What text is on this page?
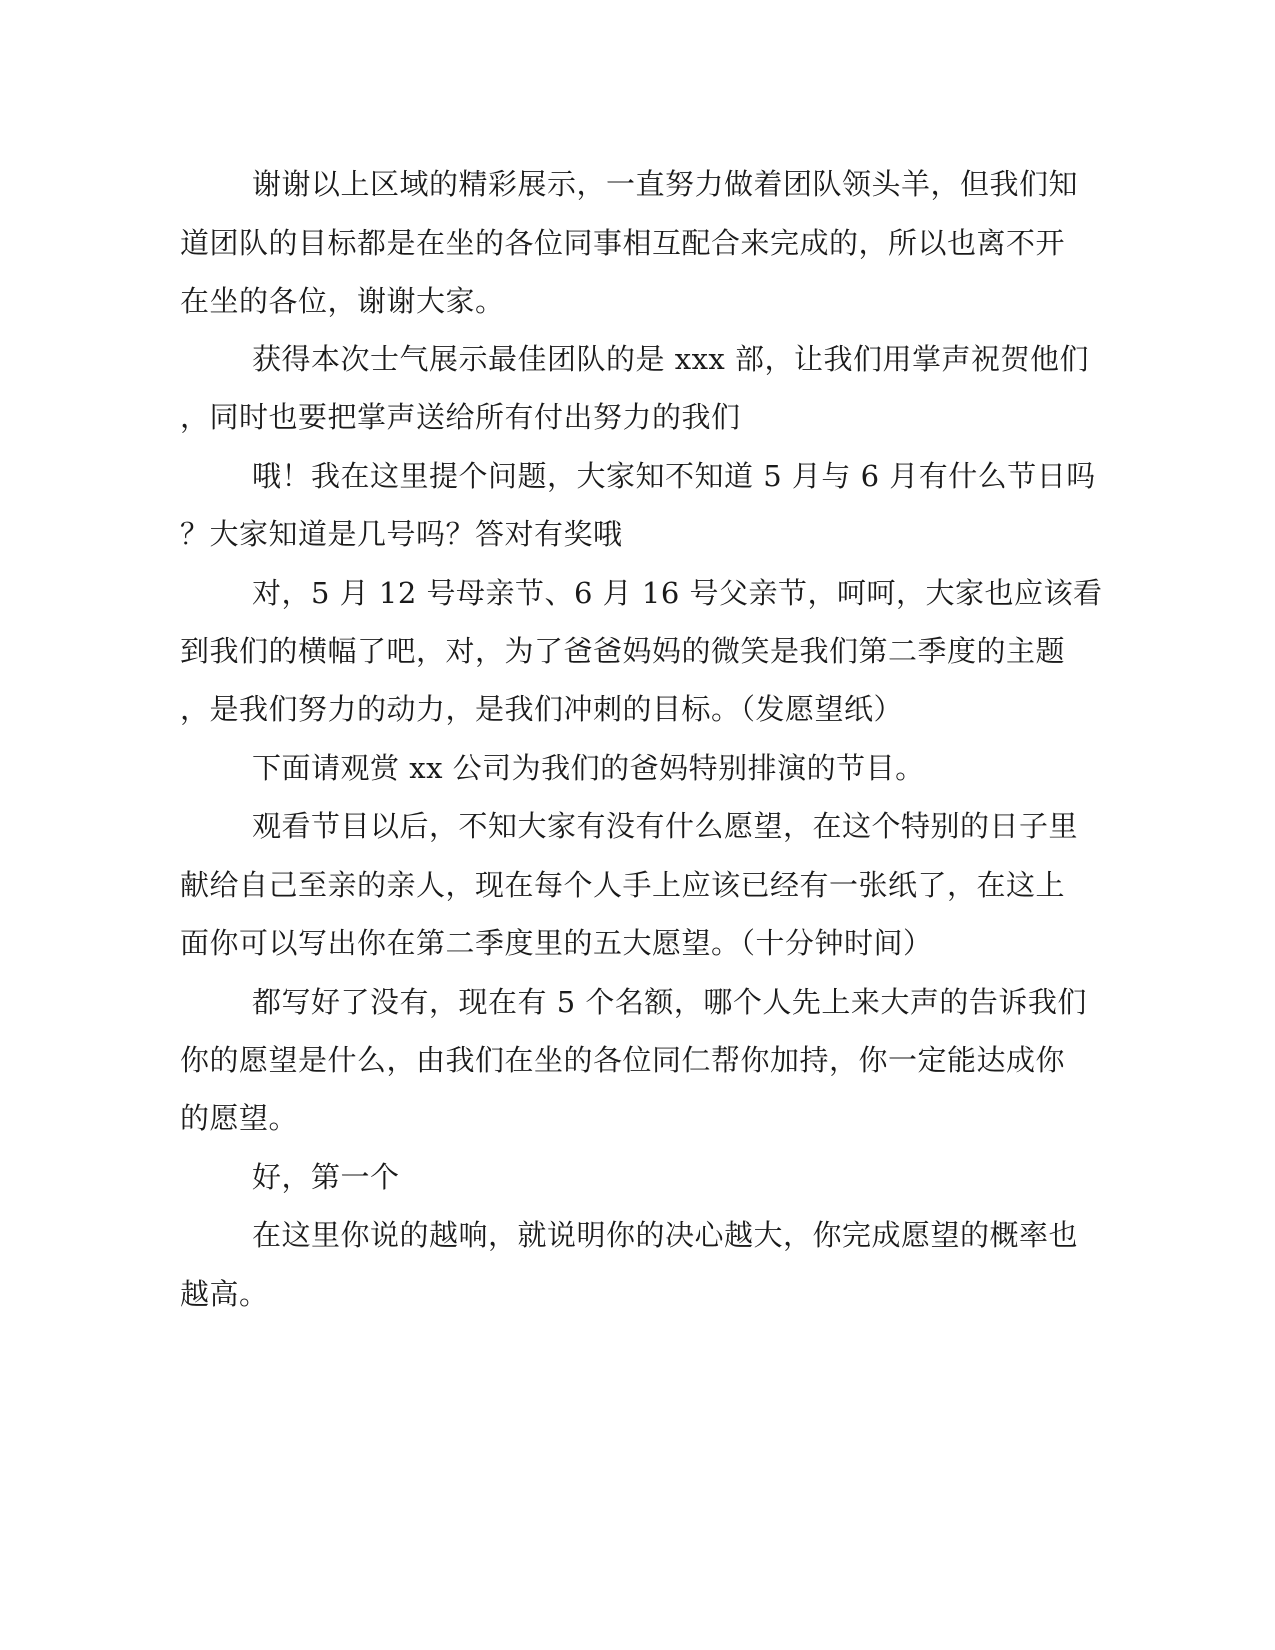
谢谢以上区域的精彩展示，一直努力做着团队领头羊，但我们知
道团队的目标都是在坐的各位同事相互配合来完成的，所以也离不开
在坐的各位，谢谢大家。
获得本次士气展示最佳团队的是 xxx 部，让我们用掌声祝贺他们
，同时也要把掌声送给所有付出努力的我们
哦！我在这里提个问题，大家知不知道 5 月与 6 月有什么节日吗
？大家知道是几号吗？答对有奖哦
对，5 月 12 号母亲节、6 月 16 号父亲节，呵呵，大家也应该看
到我们的横幅了吧，对，为了爸爸妈妈的微笑是我们第二季度的主题
，是我们努力的动力，是我们冲刺的目标。（发愿望纸）
下面请观赏 xx 公司为我们的爸妈特别排演的节目。
观看节目以后，不知大家有没有什么愿望，在这个特别的日子里
献给自己至亲的亲人，现在每个人手上应该已经有一张纸了，在这上
面你可以写出你在第二季度里的五大愿望。（十分钟时间）
都写好了没有，现在有 5 个名额，哪个人先上来大声的告诉我们
你的愿望是什么，由我们在坐的各位同仁帮你加持，你一定能达成你
的愿望。
好，第一个
在这里你说的越响，就说明你的决心越大，你完成愿望的概率也
越高。
